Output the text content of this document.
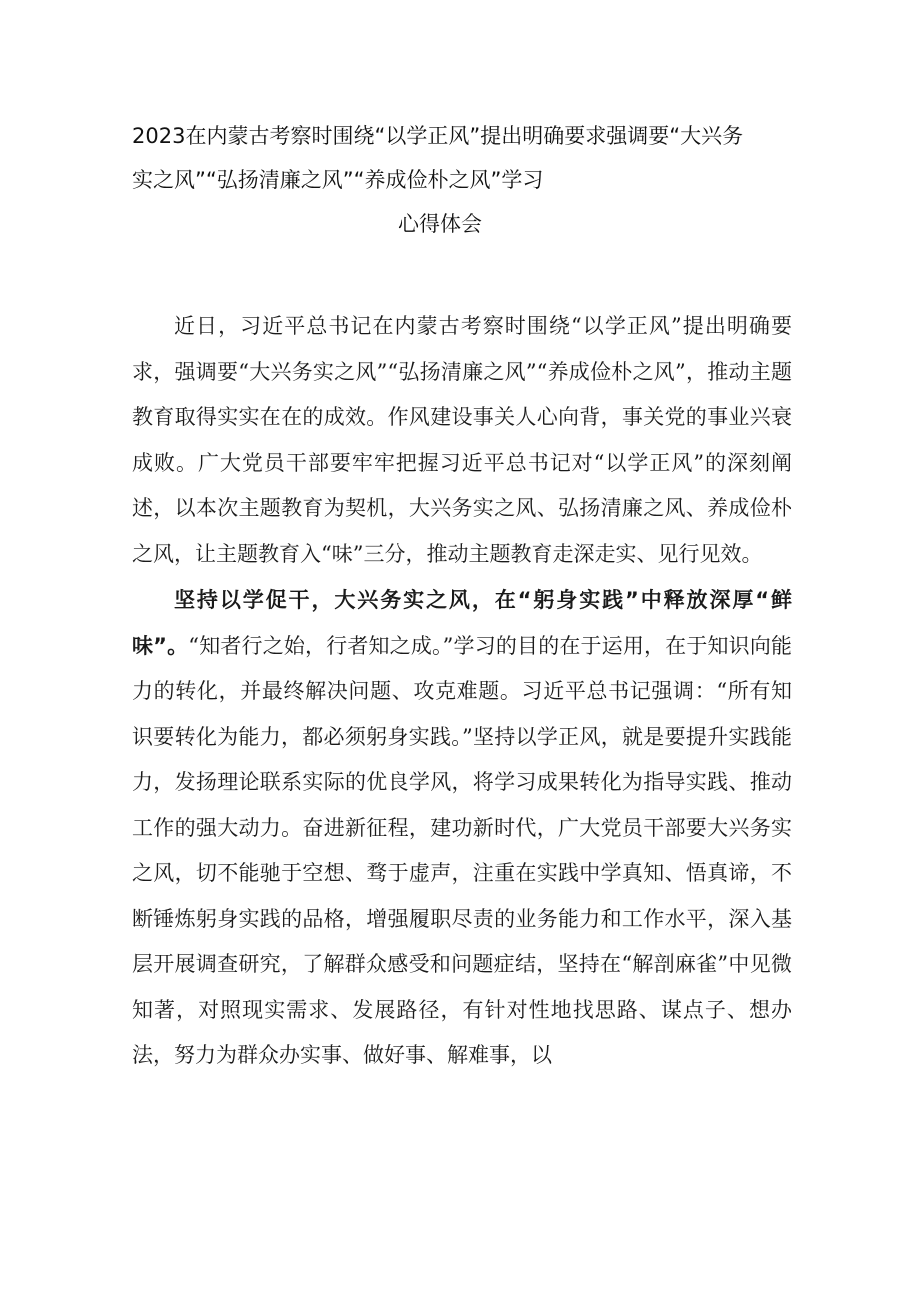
2023在内蒙古考察时围绕“以学正风”提出明确要求强调要“大兴务
实之风”“弘扬清廉之风”“养成俭朴之风”学习
心得体会

近日，习近平总书记在内蒙古考察时围绕“以学正风”提出明确要求，强调要“大兴务实之风”“弘扬清廉之风”“养成俭朴之风”，推动主题教育取得实实在在的成效。作风建设事关人心向背，事关党的事业兴衰成败。广大党员干部要牢牢把握习近平总书记对“以学正风”的深刻阐述，以本次主题教育为契机，大兴务实之风、弘扬清廉之风、养成俭朴之风，让主题教育入“味”三分，推动主题教育走深走实、见行见效。

坚持以学促干，大兴务实之风，在“躬身实践”中释放深厚“鲜味”。“知者行之始，行者知之成。”学习的目的在于运用，在于知识向能力的转化，并最终解决问题、攻克难题。习近平总书记强调：“所有知识要转化为能力，都必须躬身实践。”坚持以学正风，就是要提升实践能力，发扬理论联系实际的优良学风，将学习成果转化为指导实践、推动工作的强大动力。奋进新征程，建功新时代，广大党员干部要大兴务实之风，切不能驰于空想、骛于虚声，注重在实践中学真知、悟真谛，不断锤炼躬身实践的品格，增强履职尽责的业务能力和工作水平，深入基层开展调查研究，了解群众感受和问题症结，坚持在“解剖麻雀”中见微知著，对照现实需求、发展路径，有针对性地找思路、谋点子、想办法，努力为群众办实事、做好事、解难事，以
